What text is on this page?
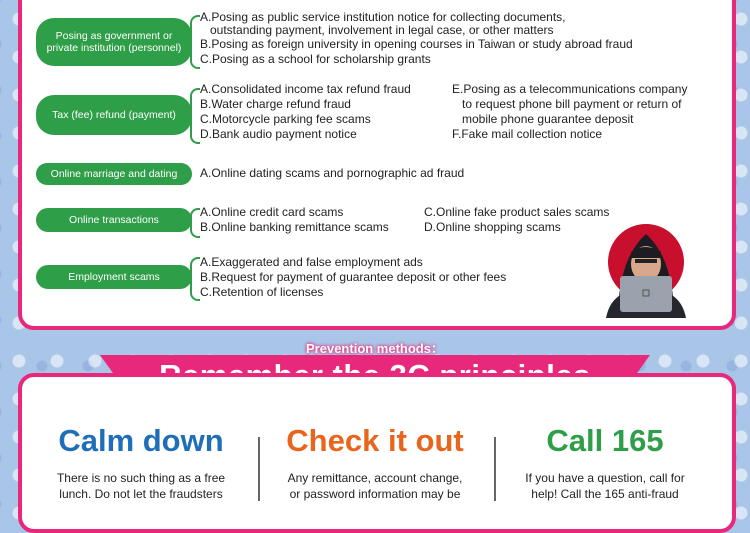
Posing as government or private institution (personnel)
A.Posing as public service institution notice for collecting documents,
outstanding payment, involvement in legal case, or other matters
B.Posing as foreign university in opening courses in Taiwan or study abroad fraud
C.Posing as a school for scholarship grants
Tax (fee) refund (payment)
A.Consolidated income tax refund fraud
B.Water charge refund fraud
C.Motorcycle parking fee scams
D.Bank audio payment notice
E.Posing as a telecommunications company
to request phone bill payment or return of
mobile phone guarantee deposit
F.Fake mail collection notice
Online marriage and dating A.Online dating scams and pornographic ad fraud
Online transactions
A.Online credit card scams
B.Online banking remittance scams
C.Online fake product sales scams
D.Online shopping scams
Employment scams
A.Exaggerated and false employment ads
B.Request for payment of guarantee deposit or other fees
C.Retention of licenses
Prevention methods：
Calm down
There is no such thing as a free
lunch. Do not let the fraudsters
Check it out
Any remittance, account change,
or password information may be
Call 165
If you have a question, call for
help! Call the 165 anti-fraud
